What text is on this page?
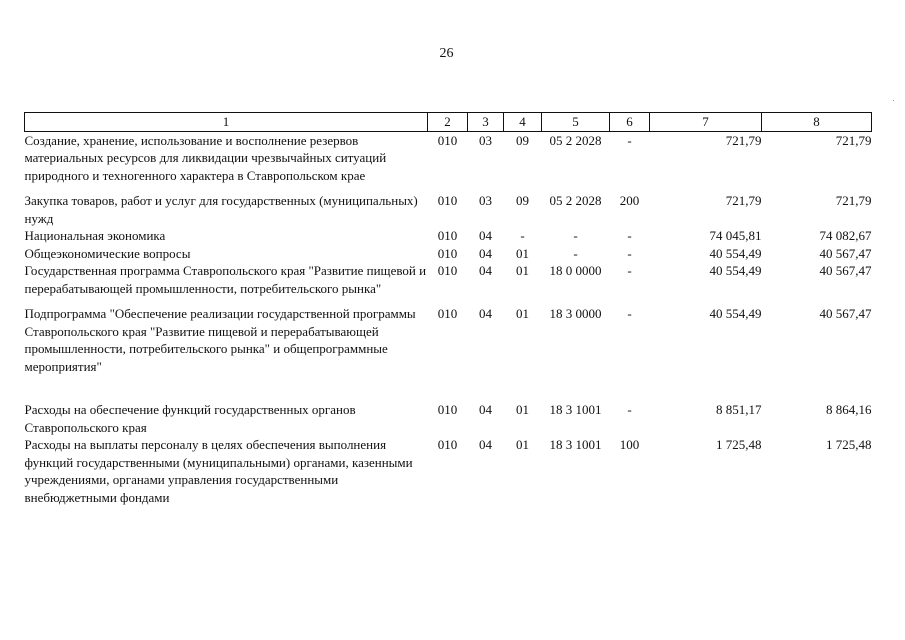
26
1	2	3	4	5	6	7	8
Создание, хранение, использование и восполнение резервов материальных ресурсов для ликвидации чрезвычайных ситуаций природного и техногенного характера в Ставропольском крае	010	03	09	05 2 2028	-	721,79	721,79

Закупка товаров, работ и услуг для государственных (муниципальных) нужд	010	03	09	05 2 2028	200	721,79	721,79
Национальная экономика	010	04	-	-	-	74 045,81	74 082,67
Общеэкономические вопросы	010	04	01	-	-	40 554,49	40 567,47
Государственная программа Ставропольского края "Развитие пищевой и перерабатывающей промышленности, потребительского рынка"	010	04	01	18 0 0000	-	40 554,49	40 567,47

Подпрограмма "Обеспечение реализации государственной программы Ставропольского края "Развитие пищевой и перерабатывающей промышленности, потребительского рынка" и общепрограммные мероприятия"	010	04	01	18 3 0000	-	40 554,49	40 567,47

Расходы на обеспечение функций государственных органов Ставропольского края	010	04	01	18 3 1001	-	8 851,17	8 864,16
Расходы на выплаты персоналу в целях обеспечения выполнения функций государственными (муниципальными) органами, казенными учреждениями, органами управления государственными внебюджетными фондами	010	04	01	18 3 1001	100	1 725,48	1 725,48
